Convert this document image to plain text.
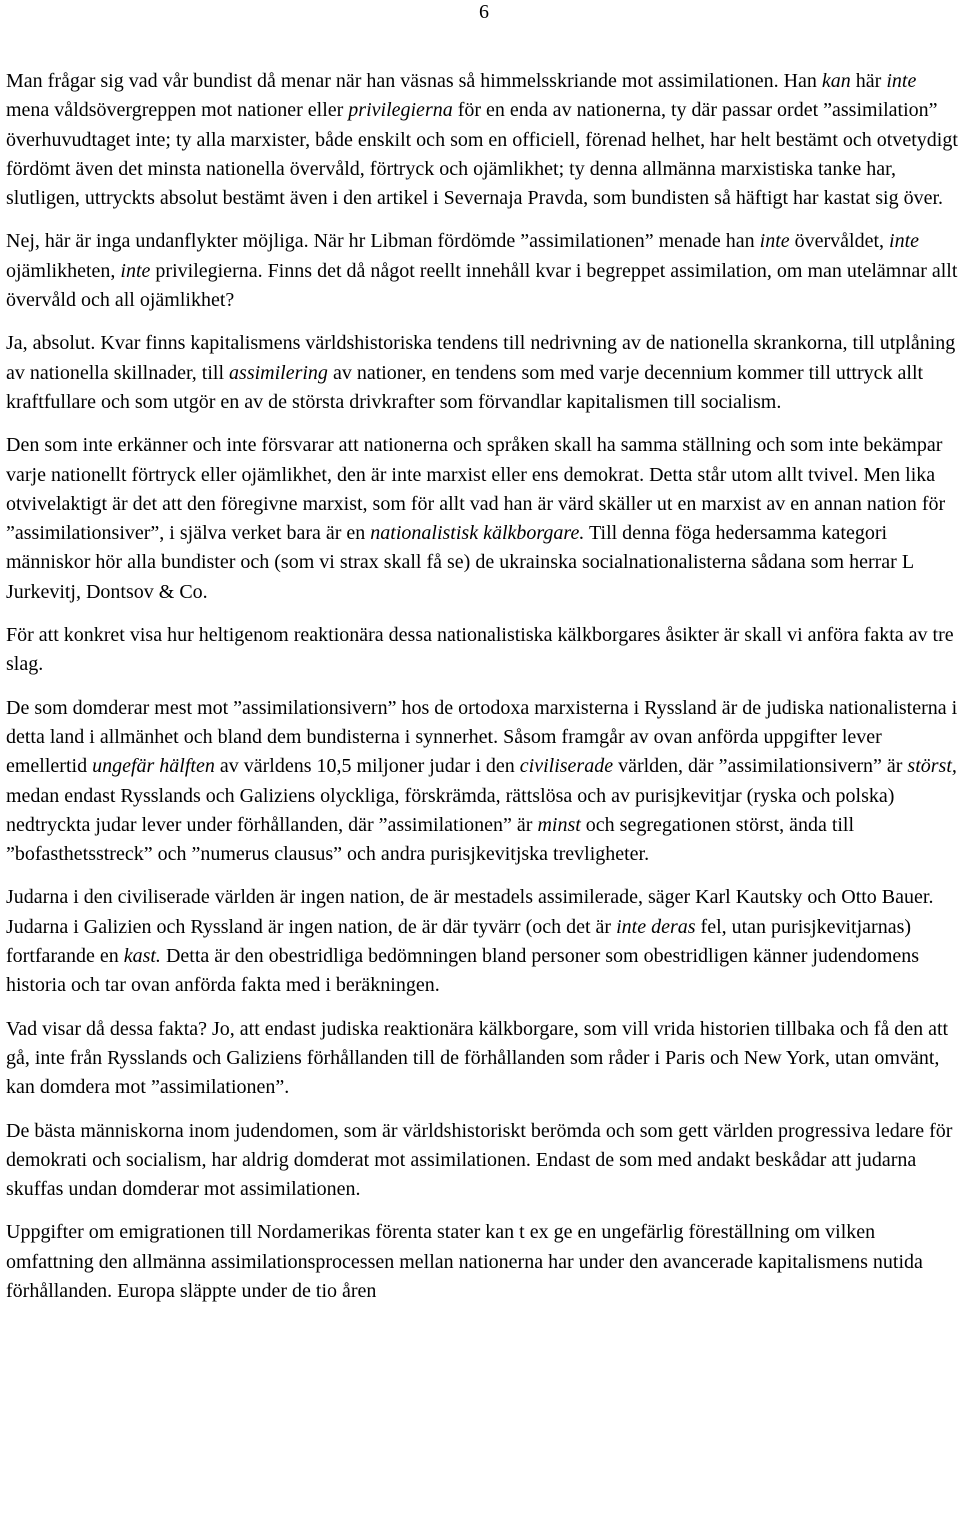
6

Man frågar sig vad vår bundist då menar när han väsnas så himmelsskriande mot assimilationen. Han kan här inte mena våldsövergreppen mot nationer eller privilegierna för en enda av nationerna, ty där passar ordet ”assimilation” överhuvudtaget inte; ty alla marxister, både enskilt och som en officiell, förenad helhet, har helt bestämt och otvetydigt fördömt även det minsta nationella övervåld, förtryck och ojämlikhet; ty denna allmänna marxistiska tanke har, slutligen, uttryckts absolut bestämt även i den artikel i Severnaja Pravda, som bundisten så häftigt har kastat sig över.

Nej, här är inga undanflykter möjliga. När hr Libman fördömde ”assimilationen” menade han inte övervåldet, inte ojämlikheten, inte privilegierna. Finns det då något reellt innehåll kvar i begreppet assimilation, om man utelämnar allt övervåld och all ojämlikhet?

Ja, absolut. Kvar finns kapitalismens världshistoriska tendens till nedrivning av de nationella skrankorna, till utplåning av nationella skillnader, till assimilering av nationer, en tendens som med varje decennium kommer till uttryck allt kraftfullare och som utgör en av de största drivkrafter som förvandlar kapitalismen till socialism.

Den som inte erkänner och inte försvarar att nationerna och språken skall ha samma ställning och som inte bekämpar varje nationellt förtryck eller ojämlikhet, den är inte marxist eller ens demokrat. Detta står utom allt tvivel. Men lika otvivelaktigt är det att den föregivne marxist, som för allt vad han är värd skäller ut en marxist av en annan nation för ”assimilationsiver”, i själva verket bara är en nationalistisk kälkborgare. Till denna föga hedersamma kategori människor hör alla bundister och (som vi strax skall få se) de ukrainska socialnationalisterna sådana som herrar L Jurkevitj, Dontsov & Co.

För att konkret visa hur heltigenom reaktionära dessa nationalistiska kälkborgares åsikter är skall vi anföra fakta av tre slag.

De som domderar mest mot ”assimilationsivern” hos de ortodoxa marxisterna i Ryssland är de judiska nationalisterna i detta land i allmänhet och bland dem bundisterna i synnerhet. Såsom framgår av ovan anförda uppgifter lever emellertid ungefär hälften av världens 10,5 miljoner judar i den civiliserade världen, där ”assimilationsivern” är störst, medan endast Rysslands och Galiziens olyckliga, förskrämda, rättslösa och av purisjkevitjar (ryska och polska) nedtryckta judar lever under förhållanden, där ”assimilationen” är minst och segregationen störst, ända till ”bofasthetsstreck” och ”numerus clausus” och andra purisjkevitjska trevligheter.

Judarna i den civiliserade världen är ingen nation, de är mestadels assimilerade, säger Karl Kautsky och Otto Bauer. Judarna i Galizien och Ryssland är ingen nation, de är där tyvärr (och det är inte deras fel, utan purisjkevitjarnas) fortfarande en kast. Detta är den obestridliga bedömningen bland personer som obestridligen känner judendomens historia och tar ovan anförda fakta med i beräkningen.

Vad visar då dessa fakta? Jo, att endast judiska reaktionära kälkborgare, som vill vrida historien tillbaka och få den att gå, inte från Rysslands och Galiziens förhållanden till de förhållanden som råder i Paris och New York, utan omvänt, kan domdera mot ”assimilationen”.

De bästa människorna inom judendomen, som är världshistoriskt berömda och som gett världen progressiva ledare för demokrati och socialism, har aldrig domderat mot assimilationen. Endast de som med andakt beskådar att judarna skuffas undan domderar mot assimilationen.

Uppgifter om emigrationen till Nordamerikas förenta stater kan t ex ge en ungefärlig föreställning om vilken omfattning den allmänna assimilationsprocessen mellan nationerna har under den avancerade kapitalismens nutida förhållanden. Europa släppte under de tio åren
